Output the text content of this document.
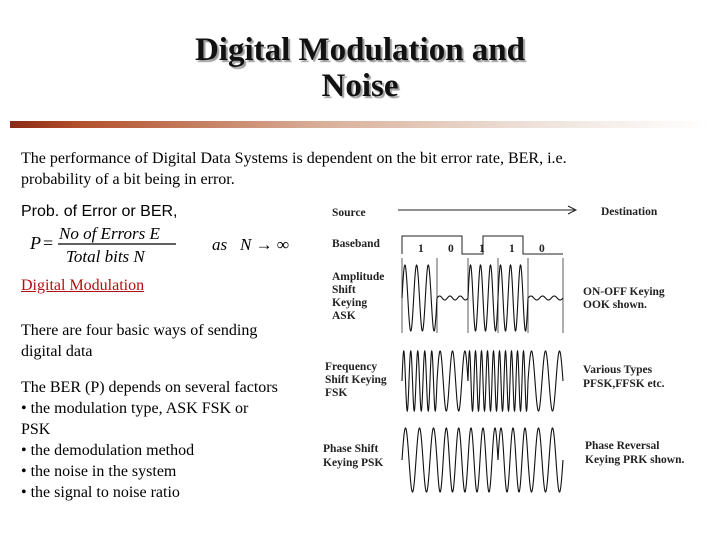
Digital Modulation and
Noise
The performance of Digital Data Systems is dependent on the bit error rate, BER, i.e.
probability of a bit being in error.
Prob. of Error or BER,
P = No of Errors E
Total bits N
as N → ∞
Digital Modulation
There are four basic ways of sending
digital data
The BER (P) depends on several factors
• the modulation type, ASK FSK or
PSK
• the demodulation method
• the noise in the system
• the signal to noise ratio
Source	Destination
Baseband	1 0 1 1 0
Amplitude Shift Keying ASK
ON-OFF Keying OOK shown.
Frequency Shift Keying FSK
Various Types PFSK,FFSK etc.
Phase Shift Keying PSK
Phase Reversal Keying PRK shown.
